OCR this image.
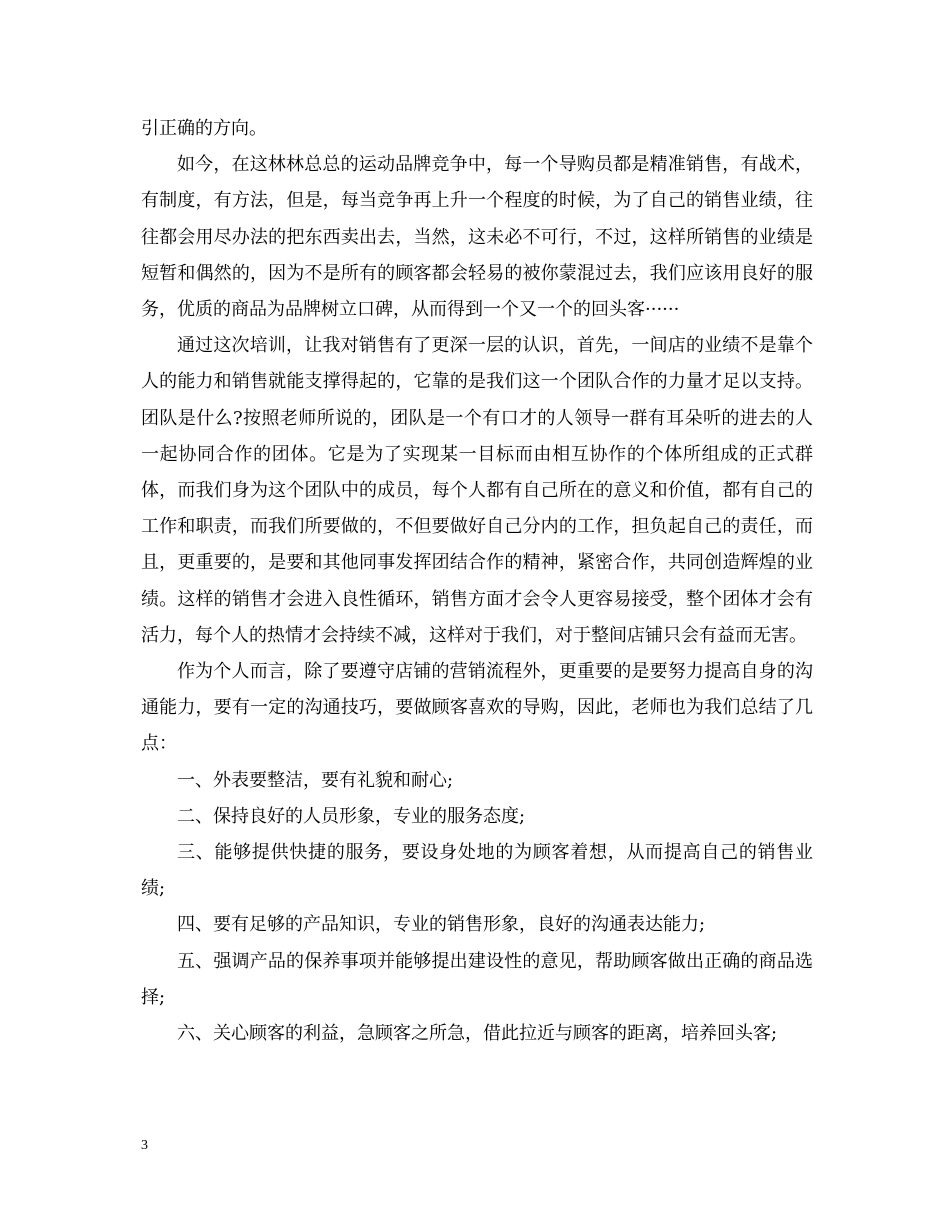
引正确的方向。

如今，在这林林总总的运动品牌竞争中，每一个导购员都是精准销售，有战术，有制度，有方法，但是，每当竞争再上升一个程度的时候，为了自己的销售业绩，往往都会用尽办法的把东西卖出去，当然，这未必不可行，不过，这样所销售的业绩是短暂和偶然的，因为不是所有的顾客都会轻易的被你蒙混过去，我们应该用良好的服务，优质的商品为品牌树立口碑，从而得到一个又一个的回头客······

通过这次培训，让我对销售有了更深一层的认识，首先，一间店的业绩不是靠个人的能力和销售就能支撑得起的，它靠的是我们这一个团队合作的力量才足以支持。团队是什么?按照老师所说的，团队是一个有口才的人领导一群有耳朵听的进去的人一起协同合作的团体。它是为了实现某一目标而由相互协作的个体所组成的正式群体，而我们身为这个团队中的成员，每个人都有自己所在的意义和价值，都有自己的工作和职责，而我们所要做的，不但要做好自己分内的工作，担负起自己的责任，而且，更重要的，是要和其他同事发挥团结合作的精神，紧密合作，共同创造辉煌的业绩。这样的销售才会进入良性循环，销售方面才会令人更容易接受，整个团体才会有活力，每个人的热情才会持续不减，这样对于我们，对于整间店铺只会有益而无害。

作为个人而言，除了要遵守店铺的营销流程外，更重要的是要努力提高自身的沟通能力，要有一定的沟通技巧，要做顾客喜欢的导购，因此，老师也为我们总结了几点：

一、外表要整洁，要有礼貌和耐心;

二、保持良好的人员形象，专业的服务态度;

三、能够提供快捷的服务，要设身处地的为顾客着想，从而提高自己的销售业绩;

四、要有足够的产品知识，专业的销售形象，良好的沟通表达能力;

五、强调产品的保养事项并能够提出建设性的意见，帮助顾客做出正确的商品选择;

六、关心顾客的利益，急顾客之所急，借此拉近与顾客的距离，培养回头客;

3
